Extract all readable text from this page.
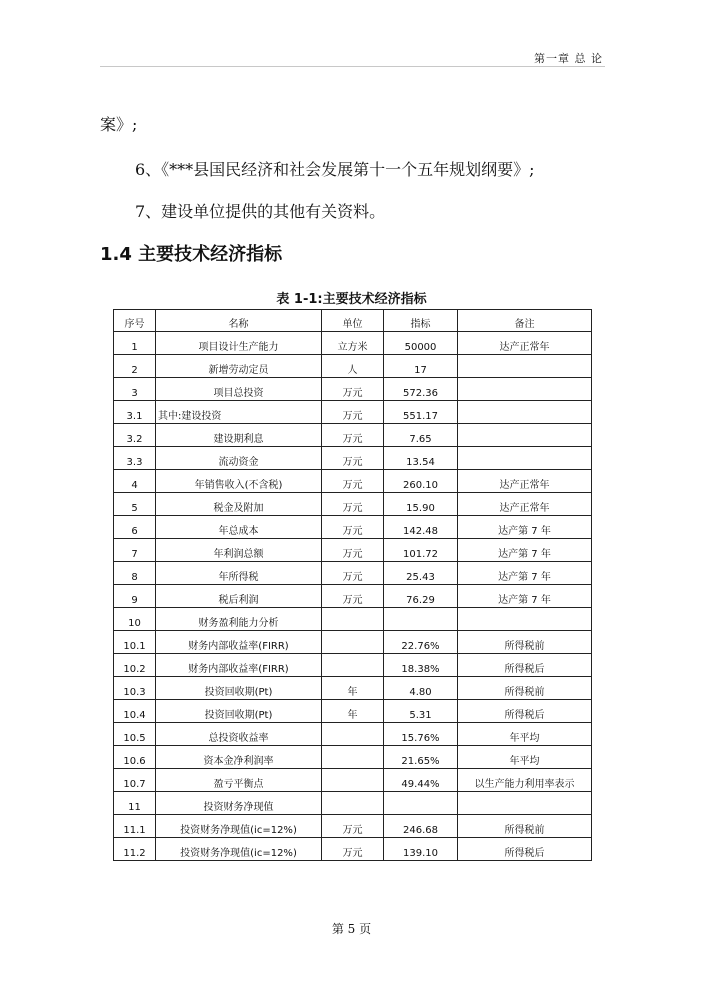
第一章 总 论
案》;
6、《***县国民经济和社会发展第十一个五年规划纲要》;
7、建设单位提供的其他有关资料。
1.4 主要技术经济指标
表 1-1:主要技术经济指标
序号	名称	单位	指标	备注
1	项目设计生产能力	立方米	50000	达产正常年
2	新增劳动定员	人	17	
3	项目总投资	万元	572.36	
3.1	其中:建设投资	万元	551.17	
3.2	建设期利息	万元	7.65	
3.3	流动资金	万元	13.54	
4	年销售收入(不含税)	万元	260.10	达产正常年
5	税金及附加	万元	15.90	达产正常年
6	年总成本	万元	142.48	达产第 7 年
7	年利润总额	万元	101.72	达产第 7 年
8	年所得税	万元	25.43	达产第 7 年
9	税后利润	万元	76.29	达产第 7 年
10	财务盈利能力分析			
10.1	财务内部收益率(FIRR)		22.76%	所得税前
10.2	财务内部收益率(FIRR)		18.38%	所得税后
10.3	投资回收期(Pt)	年	4.80	所得税前
10.4	投资回收期(Pt)	年	5.31	所得税后
10.5	总投资收益率		15.76%	年平均
10.6	资本金净利润率		21.65%	年平均
10.7	盈亏平衡点		49.44%	以生产能力利用率表示
11	投资财务净现值			
11.1	投资财务净现值(ic=12%)	万元	246.68	所得税前
11.2	投资财务净现值(ic=12%)	万元	139.10	所得税后
第 5 页
